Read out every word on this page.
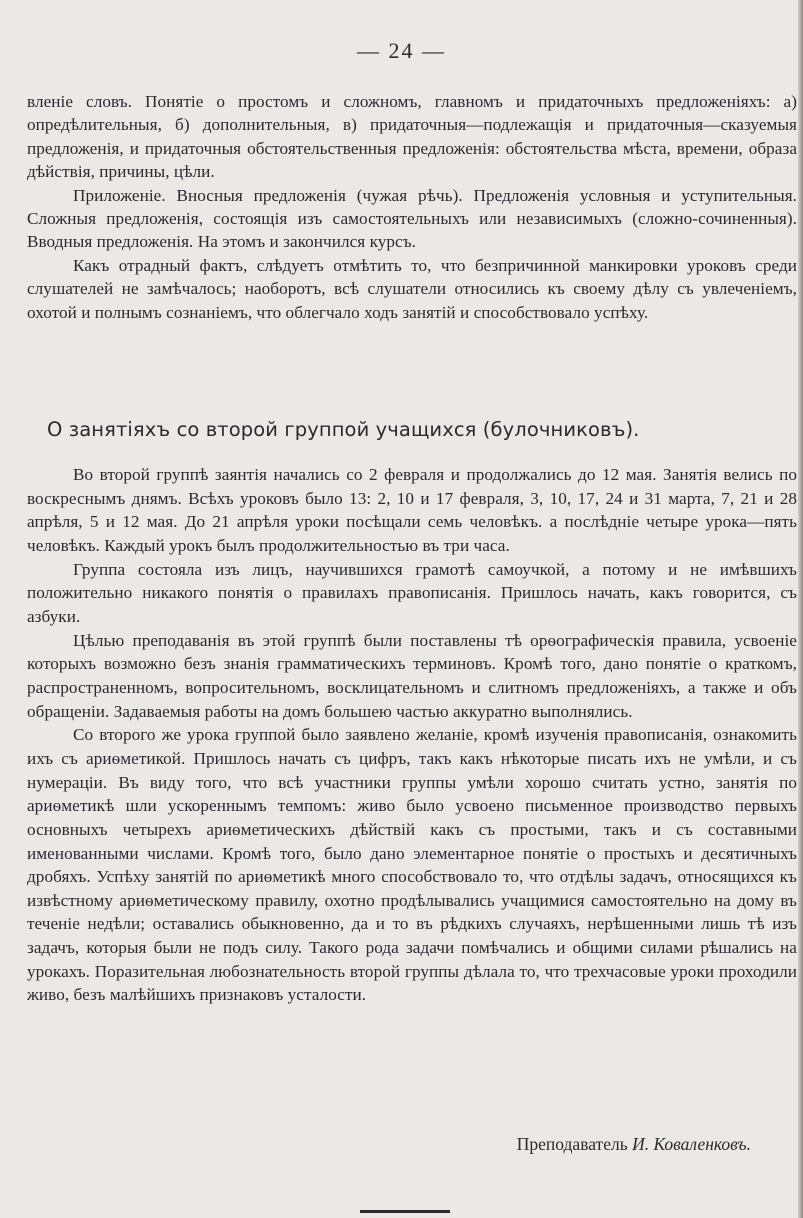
— 24 —

вленіе словъ. Понятіе о простомъ и сложномъ, главномъ и придаточныхъ предложеніяхъ: а) опредѣлительныя, б) дополнительныя, в) придаточныя—подлежащія и придаточныя—сказуемыя предложенія, и придаточныя обстоятельственныя предложенія: обстоятельства мѣста, времени, образа дѣйствія, причины, цѣли.

Приложеніе. Вносныя предложенія (чужая рѣчь). Предложенія условныя и уступительныя. Сложныя предложенія, состоящія изъ самостоятельныхъ или независимыхъ (сложно-сочиненныя). Вводныя предложенія. На этомъ и закончился курсъ.

Какъ отрадный фактъ, слѣдуетъ отмѣтить то, что безпричинной манкировки уроковъ среди слушателей не замѣчалось; наоборотъ, всѣ слушатели относились къ своему дѣлу съ увлеченіемъ, охотой и полнымъ сознаніемъ, что облегчало ходъ занятій и способствовало успѣху.

О занятіяхъ со второй группой учащихся (булочниковъ).

Во второй группѣ заянтія начались со 2 февраля и продолжались до 12 мая. Занятія велись по воскреснымъ днямъ. Всѣхъ уроковъ было 13: 2, 10 и 17 февраля, 3, 10, 17, 24 и 31 марта, 7, 21 и 28 апрѣля, 5 и 12 мая. До 21 апрѣля уроки посѣщали семь человѣкъ. а послѣдніе четыре урока—пять человѣкъ. Каждый урокъ былъ продолжительностью въ три часа.

Группа состояла изъ лицъ, научившихся грамотѣ самоучкой, а потому и не имѣвшихъ положительно никакого понятія о правилахъ правописанія. Пришлось начать, какъ говорится, съ азбуки.

Цѣлью преподаванія въ этой группѣ были поставлены тѣ орѳографическія правила, усвоеніе которыхъ возможно безъ знанія грамматическихъ терминовъ. Кромѣ того, дано понятіе о краткомъ, распространенномъ, вопросительномъ, восклицательномъ и слитномъ предложеніяхъ, а также и объ обращеніи. Задаваемыя работы на домъ большею частью аккуратно выполнялись.

Со второго же урока группой было заявлено желаніе, кромѣ изученія правописанія, ознакомить ихъ съ ариѳметикой. Пришлось начать съ цифръ, такъ какъ нѣкоторые писать ихъ не умѣли, и съ нумераціи. Въ виду того, что всѣ участники группы умѣли хорошо считать устно, занятія по ариѳметикѣ шли ускореннымъ темпомъ: живо было усвоено письменное производство первыхъ основныхъ четырехъ ариѳметическихъ дѣйствій какъ съ простыми, такъ и съ составными именованными числами. Кромѣ того, было дано элементарное понятіе о простыхъ и десятичныхъ дробяхъ. Успѣху занятій по ариѳметикѣ много способствовало то, что отдѣлы задачъ, относящихся къ извѣстному ариѳметическому правилу, охотно продѣлывались учащимися самостоятельно на дому въ теченіе недѣли; оставались обыкновенно, да и то въ рѣдкихъ случаяхъ, нерѣшенными лишь тѣ изъ задачъ, которыя были не подъ силу. Такого рода задачи помѣчались и общими силами рѣшались на урокахъ. Поразительная любознательность второй группы дѣлала то, что трехчасовые уроки проходили живо, безъ малѣйшихъ признаковъ усталости.

Преподаватель И. Коваленковъ.
